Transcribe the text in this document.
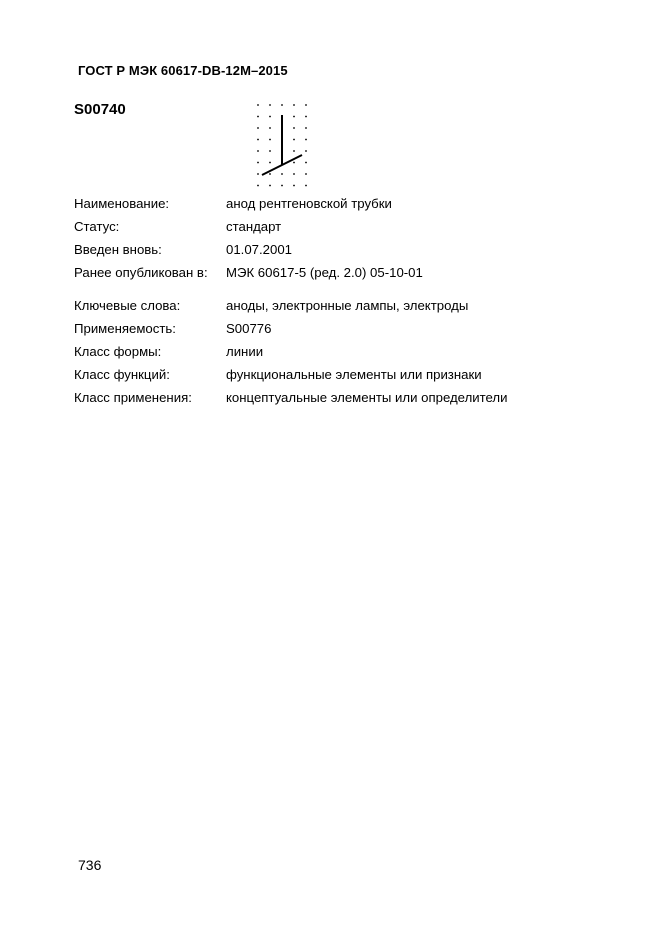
ГОСТ Р МЭК 60617-DB-12M–2015
S00740
Наименование:	анод рентгеновской трубки
Статус:	стандарт
Введен вновь:	01.07.2001
Ранее опубликован в: МЭК 60617-5 (ред. 2.0) 05-10-01
Ключевые слова:	аноды, электронные лампы, электроды
Применяемость:	S00776
Класс формы:	линии
Класс функций:	функциональные элементы или признаки
Класс применения:	концептуальные элементы или определители
736
